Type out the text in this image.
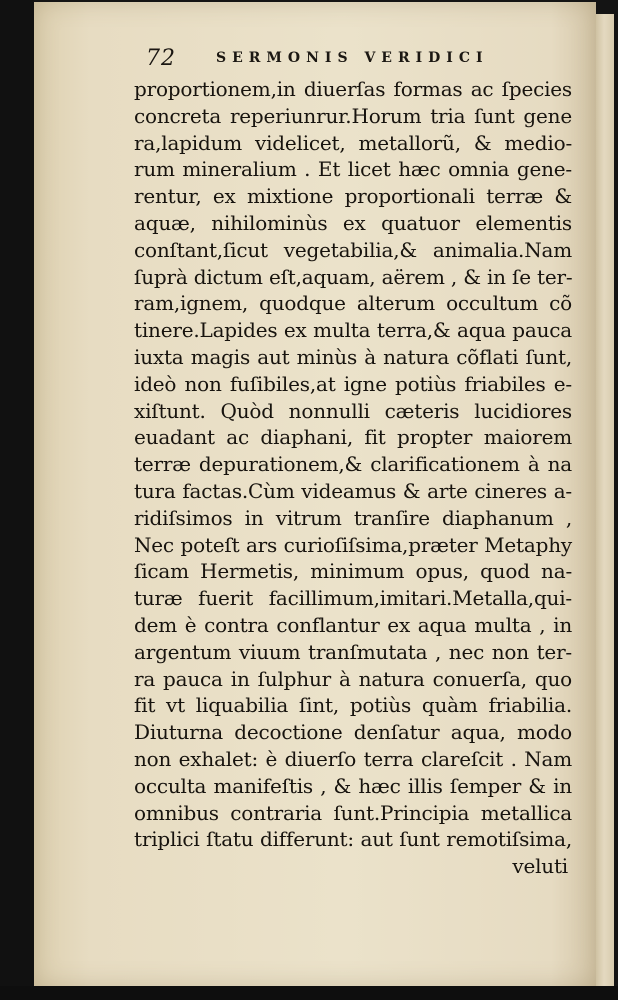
72	SERMONIS VERIDICI
proportionem,in diuerſas formas ac ſpecies
concreta reperiunrur.Horum tria ſunt gene
ra,lapidum videlicet, metallorũ, & medio-
rum mineralium . Et licet hæc omnia gene-
rentur, ex mixtione proportionali terræ &
aquæ, nihilominùs ex quatuor elementis
conſtant,ſicut vegetabilia,& animalia.Nam
ſuprà dictum eſt,aquam, aërem , & in ſe ter-
ram,ignem, quodque alterum occultum cõ
tinere.Lapides ex multa terra,& aqua pauca
iuxta magis aut minùs à natura cõflati ſunt,
ideò non fuſibiles,at igne potiùs friabiles e-
xiſtunt. Quòd nonnulli cæteris lucidiores
euadant ac diaphani, fit propter maiorem
terræ depurationem,& clarificationem à na
tura factas.Cùm videamus & arte cineres a-
ridiſsimos in vitrum tranſire diaphanum ,
Nec poteſt ars curioſiſsima,præter Metaphy
ſicam Hermetis, minimum opus, quod na-
turæ fuerit facillimum,imitari.Metalla,qui-
dem è contra conflantur ex aqua multa , in
argentum viuum tranſmutata , nec non ter-
ra pauca in ſulphur à natura conuerſa, quo
fit vt liquabilia ſint, potiùs quàm friabilia.
Diuturna decoctione denſatur aqua, modo
non exhalet: è diuerſo terra clareſcit . Nam
occulta manifeſtis , & hæc illis ſemper & in
omnibus contraria ſunt.Principia metallica
triplici ſtatu differunt: aut ſunt remotiſsima,
veluti
